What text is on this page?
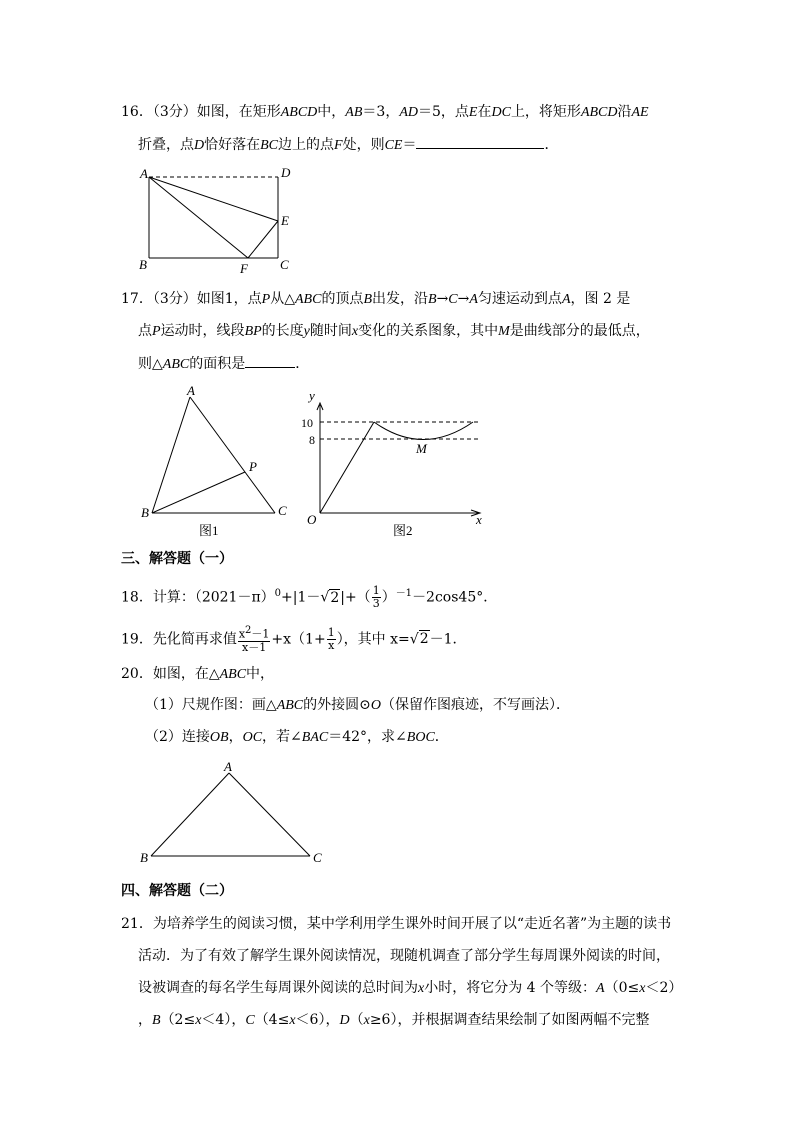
16．（3分）如图，在矩形ABCD中，AB＝3，AD＝5，点E在DC上，将矩形ABCD沿AE
折叠，点D恰好落在BC边上的点F处，则CE＝	．
A	D
E
B	F C
17．（3分）如图1，点P从△ABC的顶点B出发，沿B→C→A匀速运动到点A，图 2 是
点P运动时，线段BP的长度y随时间x变化的关系图象，其中M是曲线部分的最低点，
则△ABC的面积是	．
A
P
B	C
图1
y
10
8
M
O	x
图2
三、解答题（一）
18．计算：$(2021-\pi)^0+|1-√2|+( \frac{1}{3} )^{-1}-2\cos 45^\circ$．
19．先化简再求值 $\frac{x^2-1}{x-1} +x(1+ \frac{1}{x}$ ），其中 x=√2－1．
20．如图，在△ABC中，
（1）尺规作图：画△ABC的外接圆⊙O（保留作图痕迹，不写画法）．
（2）连接OB，OC，若∠BAC＝42°，求∠BOC．
A
B	C
四、解答题（二）
21．为培养学生的阅读习惯，某中学利用学生课外时间开展了以“走近名著”为主题的读书
活动．为了有效了解学生课外阅读情况，现随机调查了部分学生每周课外阅读的时间，
设被调查的每名学生每周课外阅读的总时间为x小时，将它分为 4 个等级：A（0≤x＜2）
，B（2≤x＜4），C（4≤x＜6），D（x≥6），并根据调查结果绘制了如图两幅不完整
